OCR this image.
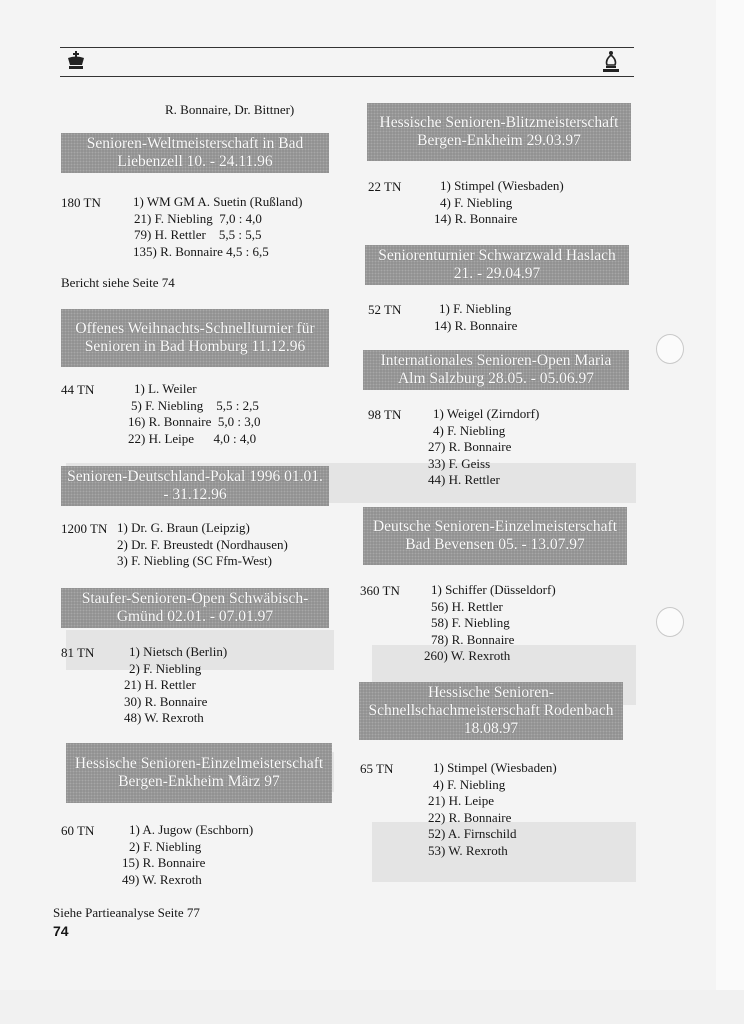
R. Bonnaire, Dr. Bittner)
Senioren-Weltmeisterschaft in Bad Liebenzell 10. - 24.11.96
180 TN 1) WM GM A. Suetin (Rußland)
21) F. Niebling  7,0 : 4,0
79) H. Rettler    5,5 : 5,5
135) R. Bonnaire 4,5 : 6,5
Bericht siehe Seite 74
Offenes Weihnachts-Schnellturnier für Senioren in Bad Homburg 11.12.96
44 TN	1) L. Weiler
5) F. Niebling    5,5 : 2,5
16) R. Bonnaire  5,0 : 3,0
22) H. Leipe      4,0 : 4,0
Senioren-Deutschland-Pokal 1996 01.01. - 31.12.96
1200 TN 1) Dr. G. Braun (Leipzig)
2) Dr. F. Breustedt (Nordhausen)
3) F. Niebling (SC Ffm-West)
Staufer-Senioren-Open Schwäbisch-Gmünd 02.01. - 07.01.97
81 TN	1) Nietsch (Berlin)
2) F. Niebling
21) H. Rettler
30) R. Bonnaire
48) W. Rexroth
Hessische Senioren-Einzelmeisterschaft Bergen-Enkheim März 97
60 TN	1) A. Jugow (Eschborn)
2) F. Niebling
15) R. Bonnaire
49) W. Rexroth
Siehe Partieanalyse Seite 77
74
Hessische Senioren-Blitzmeisterschaft Bergen-Enkheim 29.03.97
22 TN	1) Stimpel (Wiesbaden)
4) F. Niebling
14) R. Bonnaire
Seniorenturnier Schwarzwald Haslach 21. - 29.04.97
52 TN	1) F. Niebling
14) R. Bonnaire
Internationales Senioren-Open Maria Alm Salzburg 28.05. - 05.06.97
98 TN	1) Weigel (Zirndorf)
4) F. Niebling
27) R. Bonnaire
33) F. Geiss
44) H. Rettler
Deutsche Senioren-Einzelmeisterschaft Bad Bevensen 05. - 13.07.97
360 TN	1) Schiffer (Düsseldorf)
56) H. Rettler
58) F. Niebling
78) R. Bonnaire
260) W. Rexroth
Hessische Senioren-Schnellschachmeisterschaft Rodenbach 18.08.97
65 TN	1) Stimpel (Wiesbaden)
4) F. Niebling
21) H. Leipe
22) R. Bonnaire
52) A. Firnschild
53) W. Rexroth
